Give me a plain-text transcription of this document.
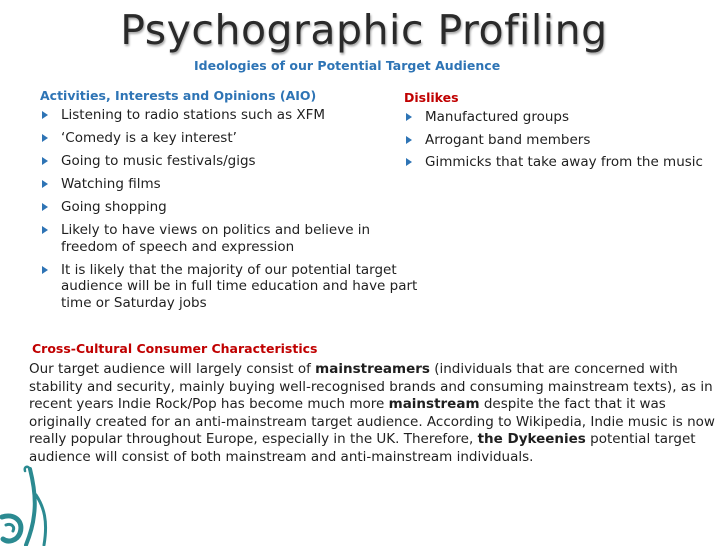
Psychographic Profiling
Ideologies of our Potential Target Audience
Activities, Interests and Opinions (AIO)
Listening to radio stations such as XFM
‘Comedy is a key interest’
Going to music festivals/gigs
Watching films
Going shopping
Likely to have views on politics and believe in freedom of speech and expression
It is likely that the majority of our potential target audience will be in full time education and have part time or Saturday jobs
Dislikes
Manufactured groups
Arrogant band members
Gimmicks that take away from the music
Cross-Cultural Consumer Characteristics
Our target audience will largely consist of mainstreamers (individuals that are concerned with stability and security, mainly buying well-recognised brands and consuming mainstream texts), as in recent years Indie Rock/Pop has become much more mainstream despite the fact that it was originally created for an anti-mainstream target audience. According to Wikipedia, Indie music is now really popular throughout Europe, especially in the UK. Therefore, the Dykeenies potential target audience will consist of both mainstream and anti-mainstream individuals.
